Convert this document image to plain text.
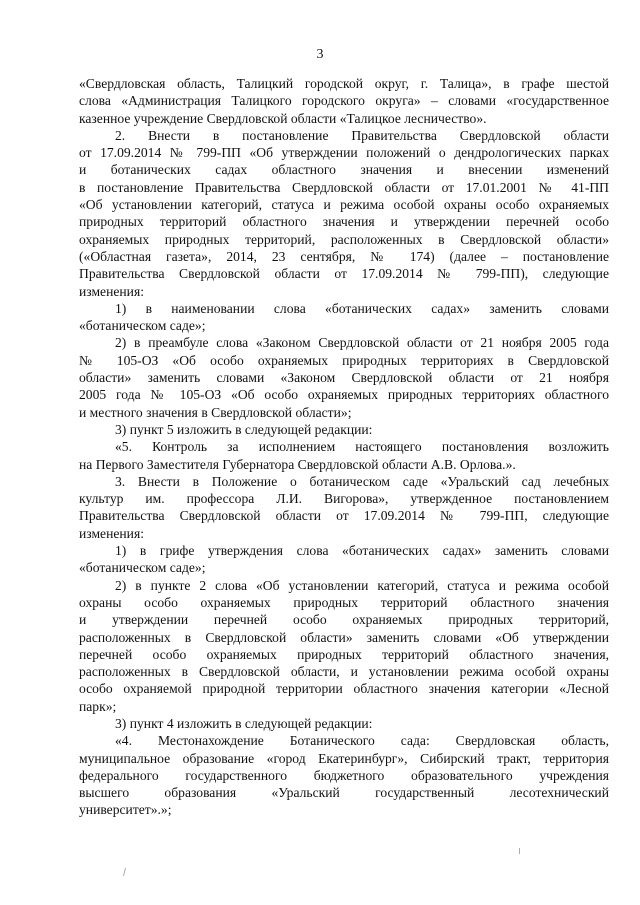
3
«Свердловская область, Талицкий городской округ, г. Талица», в графе шестой
слова «Администрация Талицкого городского округа» – словами «государственное
казенное учреждение Свердловской области «Талицкое лесничество».
2. Внести в постановление Правительства Свердловской области
от 17.09.2014 № 799-ПП «Об утверждении положений о дендрологических парках
и ботанических садах областного значения и внесении изменений
в постановление Правительства Свердловской области от 17.01.2001 № 41-ПП
«Об установлении категорий, статуса и режима особой охраны особо охраняемых
природных территорий областного значения и утверждении перечней особо
охраняемых природных территорий, расположенных в Свердловской области»
(«Областная газета», 2014, 23 сентября, № 174) (далее – постановление
Правительства Свердловской области от 17.09.2014 № 799-ПП), следующие
изменения:
1) в наименовании слова «ботанических садах» заменить словами
«ботаническом саде»;
2) в преамбуле слова «Законом Свердловской области от 21 ноября 2005 года
№ 105-ОЗ «Об особо охраняемых природных территориях в Свердловской
области» заменить словами «Законом Свердловской области от 21 ноября
2005 года № 105-ОЗ «Об особо охраняемых природных территориях областного
и местного значения в Свердловской области»;
3) пункт 5 изложить в следующей редакции:
«5. Контроль за исполнением настоящего постановления возложить
на Первого Заместителя Губернатора Свердловской области А.В. Орлова.».
3. Внести в Положение о ботаническом саде «Уральский сад лечебных
культур им. профессора Л.И. Вигорова», утвержденное постановлением
Правительства Свердловской области от 17.09.2014 № 799-ПП, следующие
изменения:
1) в грифе утверждения слова «ботанических садах» заменить словами
«ботаническом саде»;
2) в пункте 2 слова «Об установлении категорий, статуса и режима особой
охраны особо охраняемых природных территорий областного значения
и утверждении перечней особо охраняемых природных территорий,
расположенных в Свердловской области» заменить словами «Об утверждении
перечней особо охраняемых природных территорий областного значения,
расположенных в Свердловской области, и установлении режима особой охраны
особо охраняемой природной территории областного значения категории «Лесной
парк»;
3) пункт 4 изложить в следующей редакции:
«4. Местонахождение Ботанического сада: Свердловская область,
муниципальное образование «город Екатеринбург», Сибирский тракт, территория
федерального государственного бюджетного образовательного учреждения
высшего образования «Уральский государственный лесотехнический
университет».»;
